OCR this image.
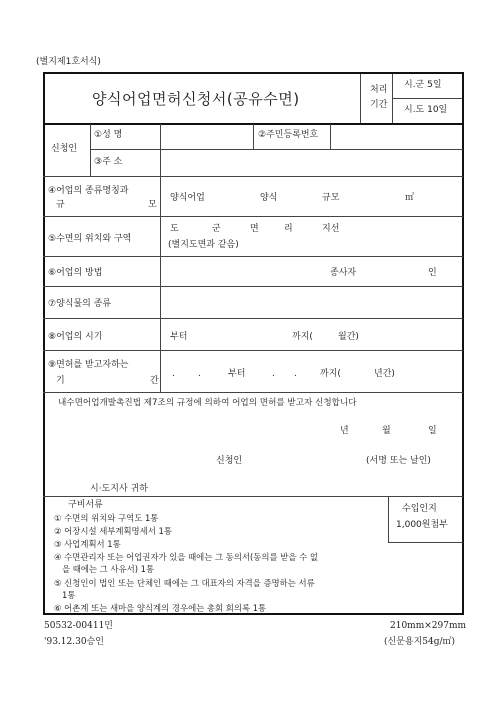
(별지제1호서식)
양식어업면허신청서(공유수면)	처리
기간
시.군 5일
시.도 10일
신청인
①성 명	②주민등록번호
③주 소
④어업의 종류명칭과
규	모
양식어업	양식	규모	㎡
⑤수면의 위치와 구역
도	군	면	리	지선
(별지도면과 같음)
⑥어업의 방법	종사자	인
⑦양식물의 종류
⑧어업의 시기	부터	까지(	월간)
⑨면허를 받고자하는
기	간
.	.	부터	. .	까지(	년간)
내수면어업개발촉진법 제7조의 규정에 의하여 어업의 면허를 받고자 신청합니다
년	월	일
신청인	(서명 또는 날인)
시·도지사 귀하
수입인지
1,000원첨부
구비서류
① 수면의 위치와 구역도 1통
② 어장시설 세부계획명세서 1통
③ 사업계획서 1통
④ 수면관리자 또는 어업권자가 있을 때에는 그 동의서(동의를 받을 수 없
을 때에는 그 사유서) 1통
⑤ 신청인이 법인 또는 단체인 때에는 그 대표자의 자격을 증명하는 서류
1통
⑥ 어촌계 또는 새마을 양식계의 경우에는 총회 회의록 1통
50532-00411민
'93.12.30승인
210mm×297mm
(신문용지54g/㎡)
